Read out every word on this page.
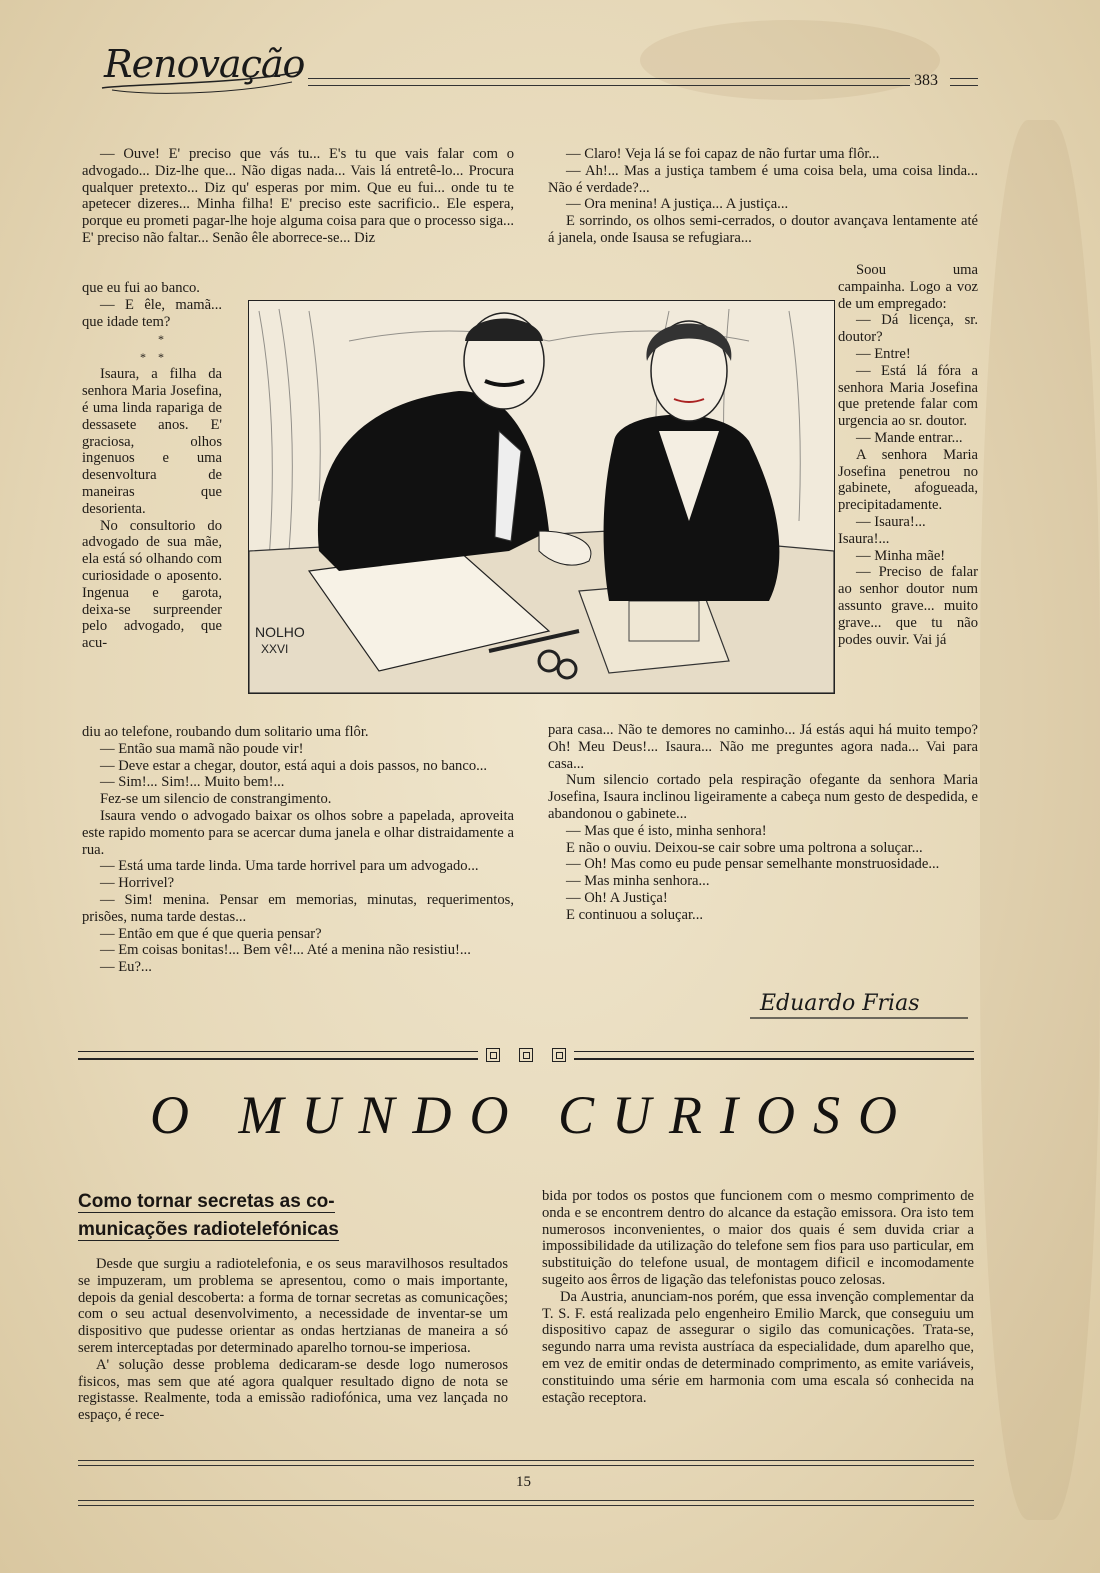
Renovação	383

— Ouve! E' preciso que vás tu... E's tu que vais falar com o advogado... Diz-lhe que... Não digas nada... Vais lá entretê-lo... Procura qualquer pretexto... Diz qu' esperas por mim. Que eu fui... onde tu te apetecer dizeres... Minha filha! E' preciso este sacrificio.. Ele espera, porque eu prometi pagar-lhe hoje alguma coisa para que o processo siga... E' preciso não faltar... Senão êle aborrece-se... Diz

que eu fui ao banco.

— E êle, mamã... que idade tem?

*
*    *

Isaura, a filha da senhora Maria Josefina, é uma linda rapariga de dessasete anos. E' graciosa, olhos ingenuos e uma desenvoltura de maneiras que desorienta.

No consultorio do advogado de sua mãe, ela está só olhando com curiosidade o aposento. Ingenua e garota, deixa-se surpreender pelo advogado, que acu-

NOLHO
XXVI

diu ao telefone, roubando dum solitario uma flôr.

— Então sua mamã não poude vir!

— Deve estar a chegar, doutor, está aqui a dois passos, no banco...

— Sim!... Sim!... Muito bem!...

Fez-se um silencio de constrangimento.

Isaura vendo o advogado baixar os olhos sobre a papelada, aproveita este rapido momento para se acercar duma janela e olhar distraidamente a rua.

— Está uma tarde linda. Uma tarde horrivel para um advogado...

— Horrivel?

— Sim! menina. Pensar em memorias, minutas, requerimentos, prisões, numa tarde destas...

— Então em que é que queria pensar?

— Em coisas bonitas!... Bem vê!... Até a menina não resistiu!...

— Eu?...

— Claro! Veja lá se foi capaz de não furtar uma flôr...

— Ah!... Mas a justiça tambem é uma coisa bela, uma coisa linda... Não é verdade?...

— Ora menina! A justiça... A justiça...

E sorrindo, os olhos semi-cerrados, o doutor avançava lentamente até á janela, onde Isausa se refugiara...

Soou uma campainha. Logo a voz de um empregado:

— Dá licença, sr. doutor?

— Entre!

— Está lá fóra a senhora Maria Josefina que pretende falar com urgencia ao sr. doutor.

— Mande entrar...

A senhora Maria Josefina penetrou no gabinete, afogueada, precipitadamente.

— Isaura!...

Isaura!...

— Minha mãe!

— Preciso de falar ao senhor doutor num assunto grave... muito grave... que tu não podes ouvir. Vai já

para casa... Não te demores no caminho... Já estás aqui há muito tempo? Oh! Meu Deus!... Isaura... Não me preguntes agora nada... Vai para casa...

Num silencio cortado pela respiração ofegante da senhora Maria Josefina, Isaura inclinou ligeiramente a cabeça num gesto de despedida, e abandonou o gabinete...

— Mas que é isto, minha senhora!

E não o ouviu. Deixou-se cair sobre uma poltrona a soluçar...

— Oh! Mas como eu pude pensar semelhante monstruosidade...

— Mas minha senhora...

— Oh! A Justiça!

E continuou a soluçar...

Eduardo Frias
O MUNDO CURIOSO
Como tornar secretas as co-
municações radiotelefónicas

Desde que surgiu a radiotelefonia, e os seus maravilhosos resultados se impuzeram, um problema se apresentou, como o mais importante, depois da genial descoberta: a forma de tornar secretas as comunicações; com o seu actual desenvolvimento, a necessidade de inventar-se um dispositivo que pudesse orientar as ondas hertzianas de maneira a só serem interceptadas por determinado aparelho tornou-se imperiosa.

A' solução desse problema dedicaram-se desde logo numerosos fisicos, mas sem que até agora qualquer resultado digno de nota se registasse. Realmente, toda a emissão radiofónica, uma vez lançada no espaço, é rece-

bida por todos os postos que funcionem com o mesmo comprimento de onda e se encontrem dentro do alcance da estação emissora. Ora isto tem numerosos inconvenientes, o maior dos quais é sem duvida criar a impossibilidade da utilização do telefone sem fios para uso particular, em substituição do telefone usual, de montagem dificil e incomodamente sugeito aos êrros de ligação das telefonistas pouco zelosas.

Da Austria, anunciam-nos porém, que essa invenção complementar da T. S. F. está realizada pelo engenheiro Emilio Marck, que conseguiu um dispositivo capaz de assegurar o sigilo das comunicações. Trata-se, segundo narra uma revista austríaca da especialidade, dum aparelho que, em vez de emitir ondas de determinado comprimento, as emite variáveis, constituindo uma série em harmonia com uma escala só conhecida na estação receptora.

15
